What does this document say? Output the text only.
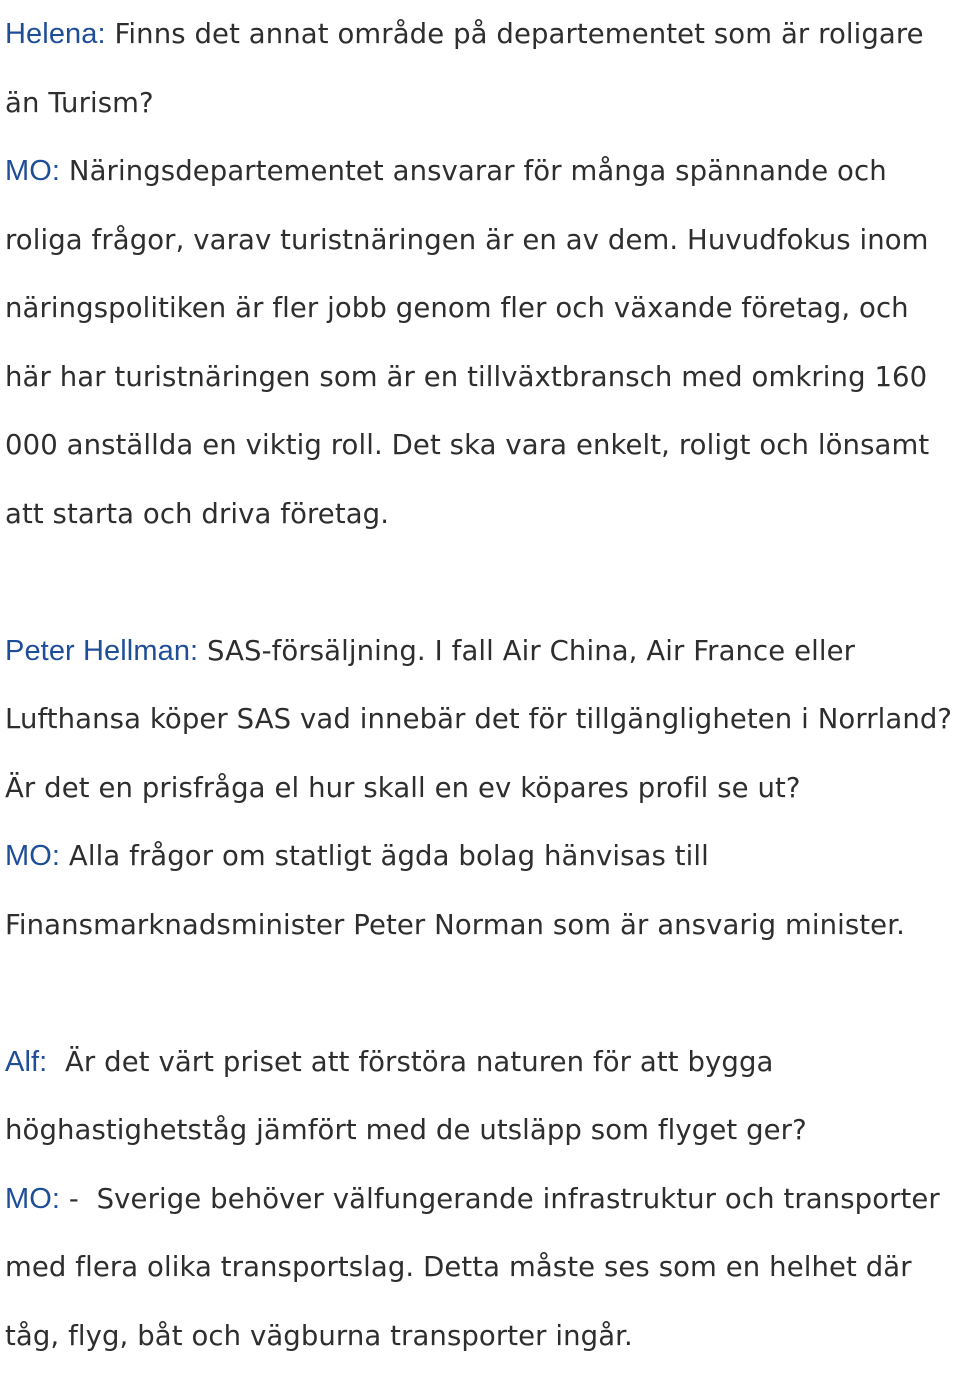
Helena: Finns det annat område på departementet som är roligare än Turism?

MO: Näringsdepartementet ansvarar för många spännande och roliga frågor, varav turistnäringen är en av dem. Huvudfokus inom näringspolitiken är fler jobb genom fler och växande företag, och här har turistnäringen som är en tillväxtbransch med omkring 160 000 anställda en viktig roll. Det ska vara enkelt, roligt och lönsamt att starta och driva företag.

Peter Hellman: SAS-försäljning. I fall Air China, Air France eller Lufthansa köper SAS vad innebär det för tillgängligheten i Norrland? Är det en prisfråga el hur skall en ev köpares profil se ut?

MO: Alla frågor om statligt ägda bolag hänvisas till Finansmarknadsminister Peter Norman som är ansvarig minister.

Alf:  Är det värt priset att förstöra naturen för att bygga höghastighetståg jämfört med de utsläpp som flyget ger?

MO: -  Sverige behöver välfungerande infrastruktur och transporter med flera olika transportslag. Detta måste ses som en helhet där tåg, flyg, båt och vägburna transporter ingår.
